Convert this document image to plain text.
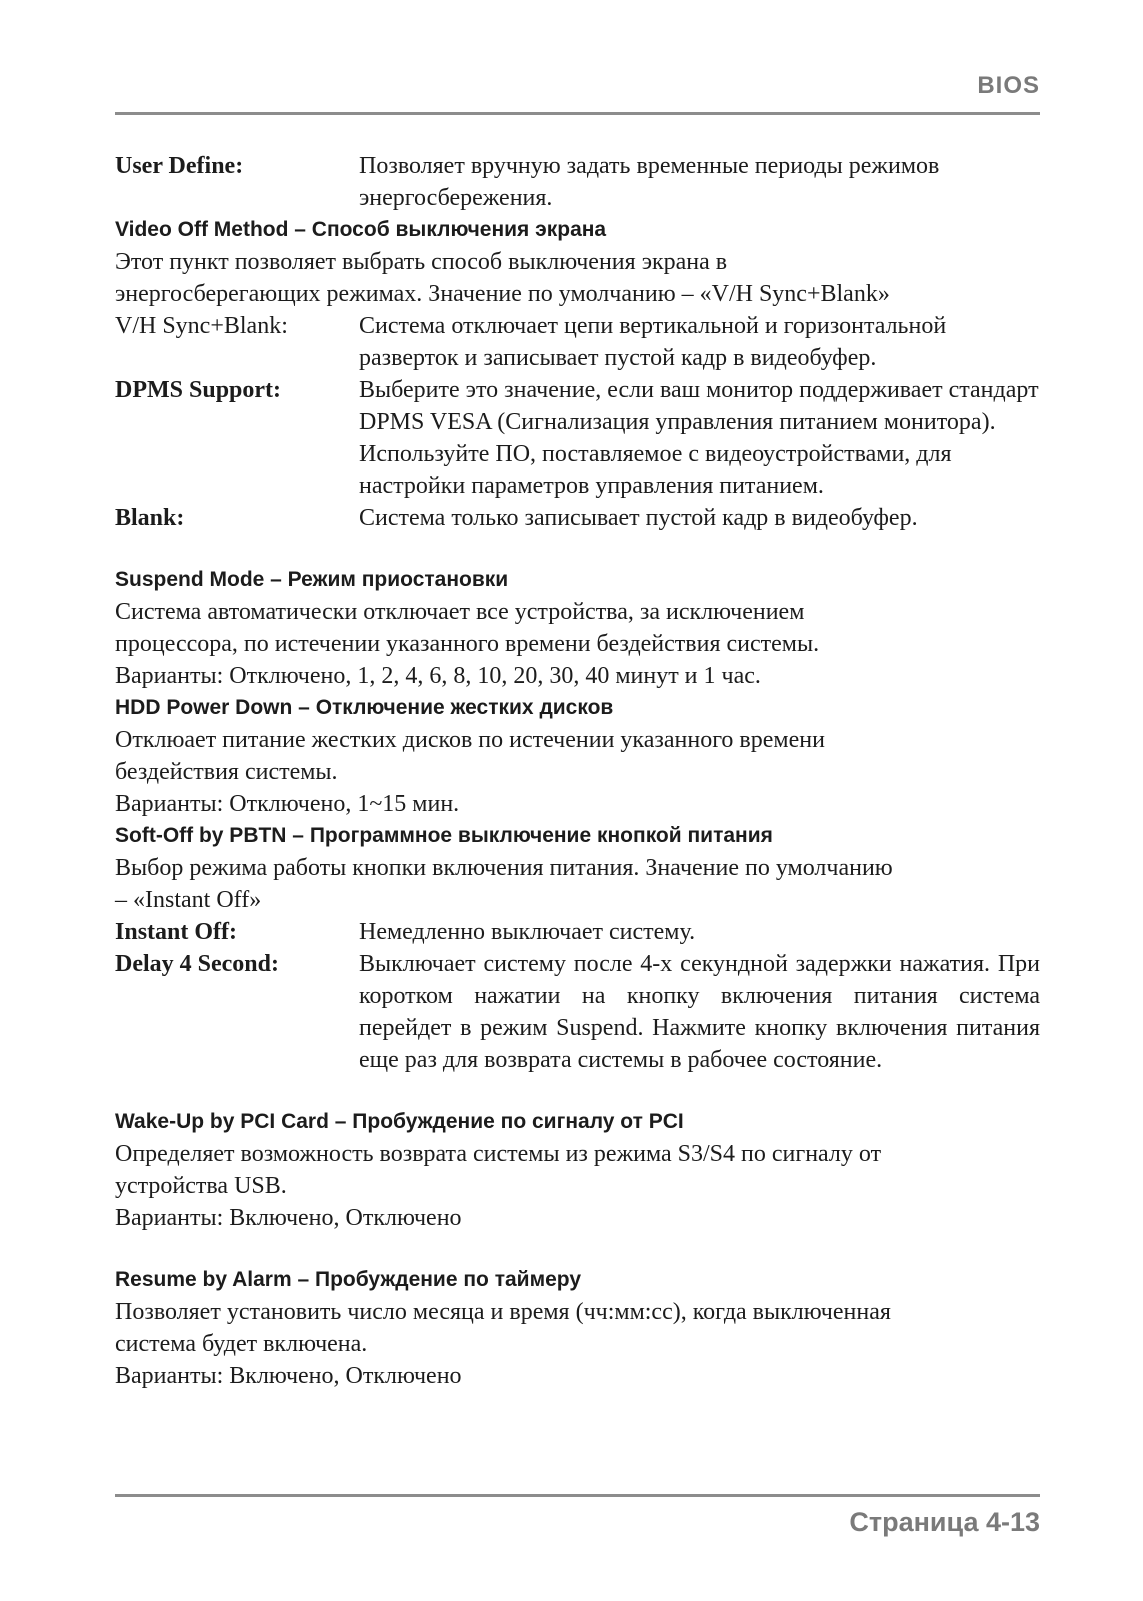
BIOS
User Define:	Позволяет вручную задать временные периоды режимов энергосбережения.
Video Off Method – Способ выключения экрана

Этот пункт позволяет выбрать способ выключения экрана в

энергосберегающих режимах. Значение по умолчанию – «V/H Sync+Blank»

V/H Sync+Blank:	Система отключает цепи вертикальной и горизонтальной разверток и записывает пустой кадр в видеобуфер.
DPMS Support:	Выберите это значение, если ваш монитор поддерживает стандарт DPMS VESA (Сигнализация управления питанием монитора). Используйте ПО, поставляемое с видеоустройствами, для настройки параметров управления питанием.
Blank:	Система только записывает пустой кадр в видеобуфер.
Suspend Mode – Режим приостановки

Система автоматически отключает все устройства, за исключением

процессора, по истечении указанного времени бездействия системы.

Варианты: Отключено, 1, 2, 4, 6, 8, 10, 20, 30, 40 минут и 1 час.

HDD Power Down – Отключение жестких дисков

Отклюает питание жестких дисков по истечении указанного времени

бездействия системы.

Варианты: Отключено, 1~15 мин.

Soft-Off by PBTN – Программное выключение кнопкой питания

Выбор режима работы кнопки включения питания. Значение по умолчанию

– «Instant Off»

Instant Off:	Немедленно выключает систему.
Delay 4 Second:	Выключает систему после 4-х секундной задержки нажатия. При коротком нажатии на кнопку включения питания система перейдет в режим Suspend. Нажмите кнопку включения питания еще раз для возврата системы в рабочее состояние.
Wake-Up by PCI Card – Пробуждение по сигналу от PCI

Определяет возможность возврата системы из режима S3/S4 по сигналу от

устройства USB.

Варианты: Включено, Отключено

Resume by Alarm – Пробуждение по таймеру

Позволяет установить число месяца и время (чч:мм:сс), когда выключенная

система будет включена.

Варианты: Включено, Отключено

Страница 4-13
